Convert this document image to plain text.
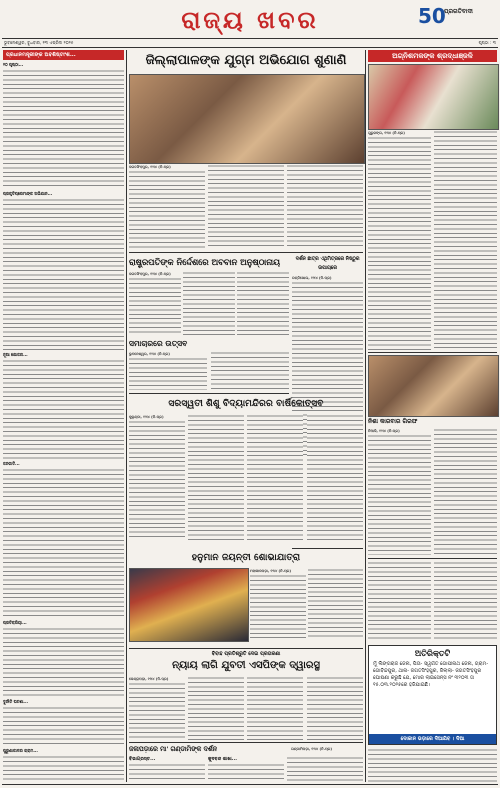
ରାଜ୍ୟ ଖବର	50
ପ୍ରଗତିବାଦୀ
ଭୁବନେଶ୍ୱର, ବୁଧବାର, ୧୩ ଏପ୍ରିଲ ୨୦୨୫	ପୃଷ୍ଠା : ୩
ପ୍ରଧାନମନ୍ତ୍ରୀଙ୍କ ଅବଶିଷ୍ଟାଂଶ...
୨ଠ ପୃଷ୍ଠା...
ପ୍ରକୃତିପ୍ରେମୀଙ୍କ ଅଭିଯାନ...
ନୂଆ ଯୋଜନା...
ଜନଜାତି...
ପ୍ରତିକ୍ରିୟା...
ଦୁର୍ନୀତି ଘଟଣା...
ପୁରୁଣାକାଳର ଗ୍ରାମ...
ଜିଲ୍ଲାପାଳଙ୍କ ଯୁଗ୍ମ ଅଭିଯୋଗ ଶୁଣାଣି
ଜଗତସିଂହପୁର, ୧୨ା୪ (ନି.ପ୍ର)
ଅଗ୍ନିଶମକଙ୍କ ଶ୍ରଦ୍ଧାଞ୍ଜଳି
ଗୁରୁଜଙ୍ଗ, ୧୨ା୪ (ନି.ପ୍ର)
ରାଷ୍ଟ୍ରପତିଙ୍କ ନିର୍ଦ୍ଦେଶରେ ଅବବାନ ଅନୁଷ୍ଠାନାୟ
ଜଗତସିଂହପୁର, ୧୨ା୪ (ନି.ପ୍ର)
ଦର୍ଶନ ଛାତ୍ର ଏଥିମିତ୍ରରେ ନିଷ୍ଠୁର ଉପାୟରେ
ଚଣ୍ଡିଖୋଲ, ୧୨ା୪ (ନି.ପ୍ର)
ସମାଚାରରେ ଉତ୍ସବ
ଭୁବନେଶ୍ୱର, ୧୨ା୪ (ନି.ପ୍ର)
ସରସ୍ୱତୀ ଶିଶୁ ବିଦ୍ୟାମନ୍ଦିରର ବାର୍ଷିକୋତ୍ସବ
କୁଳୁଣ୍ଡା, ୧୨ା୪ (ନି.ପ୍ର)
ନିଶା କାରବାର ଗିରଫ
ନିଆଳି, ୧୨ା୪ (ନି.ପ୍ର)
ହନୁମାନ ଜୟନ୍ତୀ ଶୋଭାଯାତ୍ରା
ମହାକାଳପଡ଼ା, ୧୨ା୪ (ନି.ପ୍ର)
ବିବାହ ପ୍ରତିଶ୍ରୁତି ଦେଇ ପ୍ରତାରଣା
ନ୍ୟାୟ ଲାଗି ଯୁବତୀ ଏସପିଙ୍କ ଦ୍ୱାରସ୍ଥ
କେନ୍ଦ୍ରାପଡ଼ା, ୧୨ା୪ (ନି.ପ୍ର)
ଅତିରିକ୍ତଟି
ମୁଁ ଲିଙ୍ଗରାଜ ଜେନା, ପିତା- ସ୍ୱର୍ଗତ ଗୋପୀନାଥ ଜେନା, ଗ୍ରାମ- ଗୋବିନ୍ଦପୁର, ଥାନା- ଜଗତସିଂହପୁର, ଜିଲ୍ଲା- ଜଗତସିଂହପୁର ଘୋଷଣା କରୁଛି ଯେ, ମୋର ଲାଇସେନ୍ସ ନଂ ୩୨୦୩ ତା ୧୫.୦୩.୨୦୨୫ରେ ହଜିଯାଇଛି।
ଦୋକାନ ଭଡ଼ାରେ ଦିଆଯିବ । ଦିଆ
ଜଳାପଡ଼ାରେ ମା' ଗଣ୍ଡାମିଙ୍କ ଦର୍ଶନ	ଗଣ୍ଡାମିପଡ଼ା, ୧୨ା୪ (ନି.ପ୍ର)
ବିଭାଗ୍ରସ୍ତ...	କୁଦବନ୍ଦ ଶାଖା...
